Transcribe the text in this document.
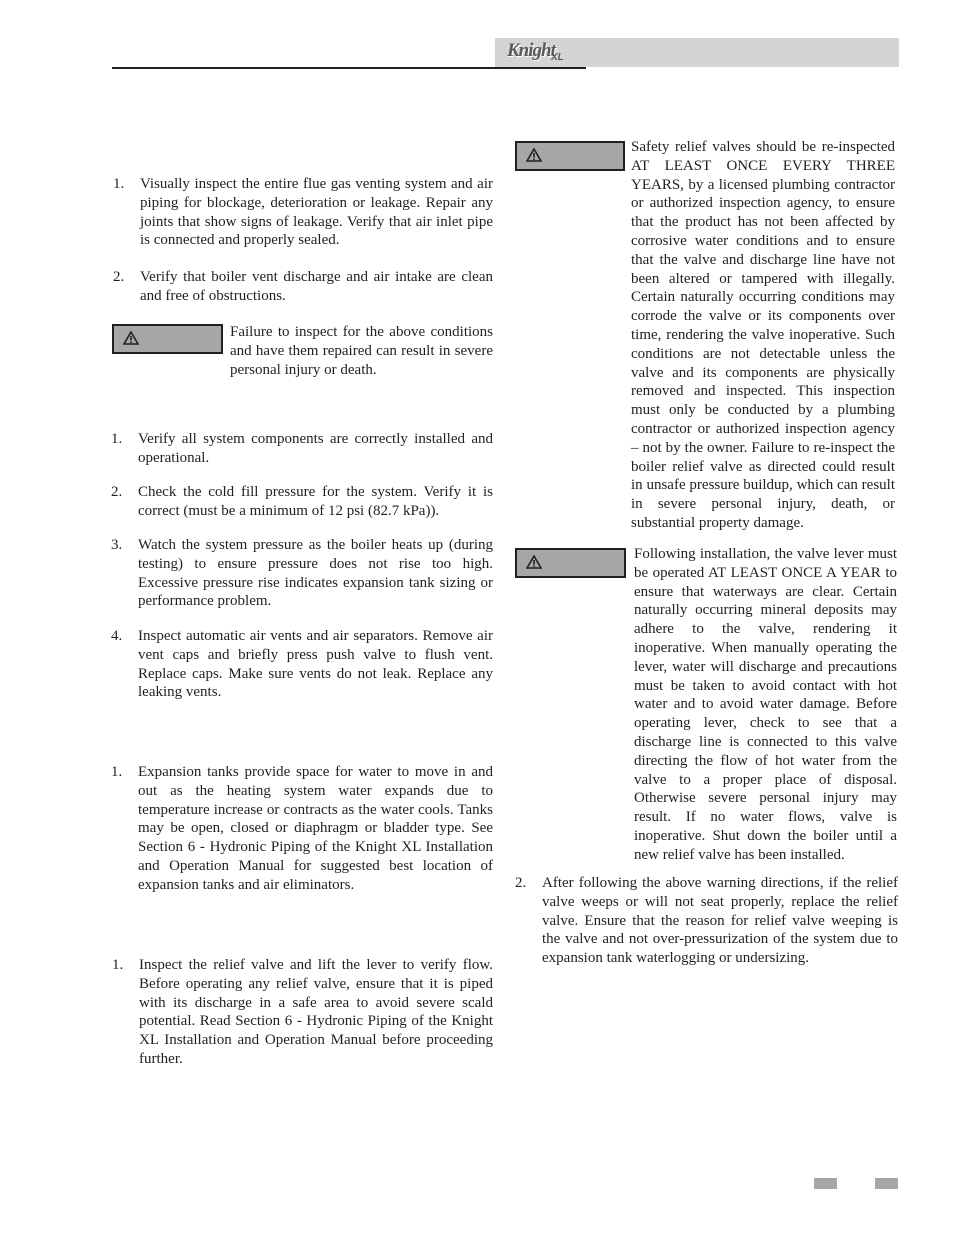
Knight
XL
1. Visually inspect the entire flue gas venting system and air piping for blockage, deterioration or leakage. Repair any joints that show signs of leakage. Verify that air inlet pipe is connected and properly sealed.
2. Verify that boiler vent discharge and air intake are clean and free of obstructions.
Failure to inspect for the above conditions and have them repaired can result in severe personal injury or death.
1. Verify all system components are correctly installed and operational.
2. Check the cold fill pressure for the system. Verify it is correct (must be a minimum of 12 psi (82.7 kPa)).
3. Watch the system pressure as the boiler heats up (during testing) to ensure pressure does not rise too high. Excessive pressure rise indicates expansion tank sizing or performance problem.
4. Inspect automatic air vents and air separators. Remove air vent caps and briefly press push valve to flush vent. Replace caps. Make sure vents do not leak. Replace any leaking vents.
1. Expansion tanks provide space for water to move in and out as the heating system water expands due to temperature increase or contracts as the water cools. Tanks may be open, closed or diaphragm or bladder type. See Section 6 - Hydronic Piping of the Knight XL Installation and Operation Manual for suggested best location of expansion tanks and air eliminators.
1. Inspect the relief valve and lift the lever to verify flow. Before operating any relief valve, ensure that it is piped with its discharge in a safe area to avoid severe scald potential. Read Section 6 - Hydronic Piping of the Knight XL Installation and Operation Manual before proceeding further.
Safety relief valves should be re-inspected AT LEAST ONCE EVERY THREE YEARS, by a licensed plumbing contractor or authorized inspection agency, to ensure that the product has not been affected by corrosive water conditions and to ensure that the valve and discharge line have not been altered or tampered with illegally. Certain naturally occurring conditions may corrode the valve or its components over time, rendering the valve inoperative. Such conditions are not detectable unless the valve and its components are physically removed and inspected. This inspection must only be conducted by a plumbing contractor or authorized inspection agency – not by the owner. Failure to re-inspect the boiler relief valve as directed could result in unsafe pressure buildup, which can result in severe personal injury, death, or substantial property damage.
Following installation, the valve lever must be operated AT LEAST ONCE A YEAR to ensure that waterways are clear. Certain naturally occurring mineral deposits may adhere to the valve, rendering it inoperative. When manually operating the lever, water will discharge and precautions must be taken to avoid contact with hot water and to avoid water damage. Before operating lever, check to see that a discharge line is connected to this valve directing the flow of hot water from the valve to a proper place of disposal. Otherwise severe personal injury may result. If no water flows, valve is inoperative. Shut down the boiler until a new relief valve has been installed.
2. After following the above warning directions, if the relief valve weeps or will not seat properly, replace the relief valve. Ensure that the reason for relief valve weeping is the valve and not over-pressurization of the system due to expansion tank waterlogging or undersizing.
